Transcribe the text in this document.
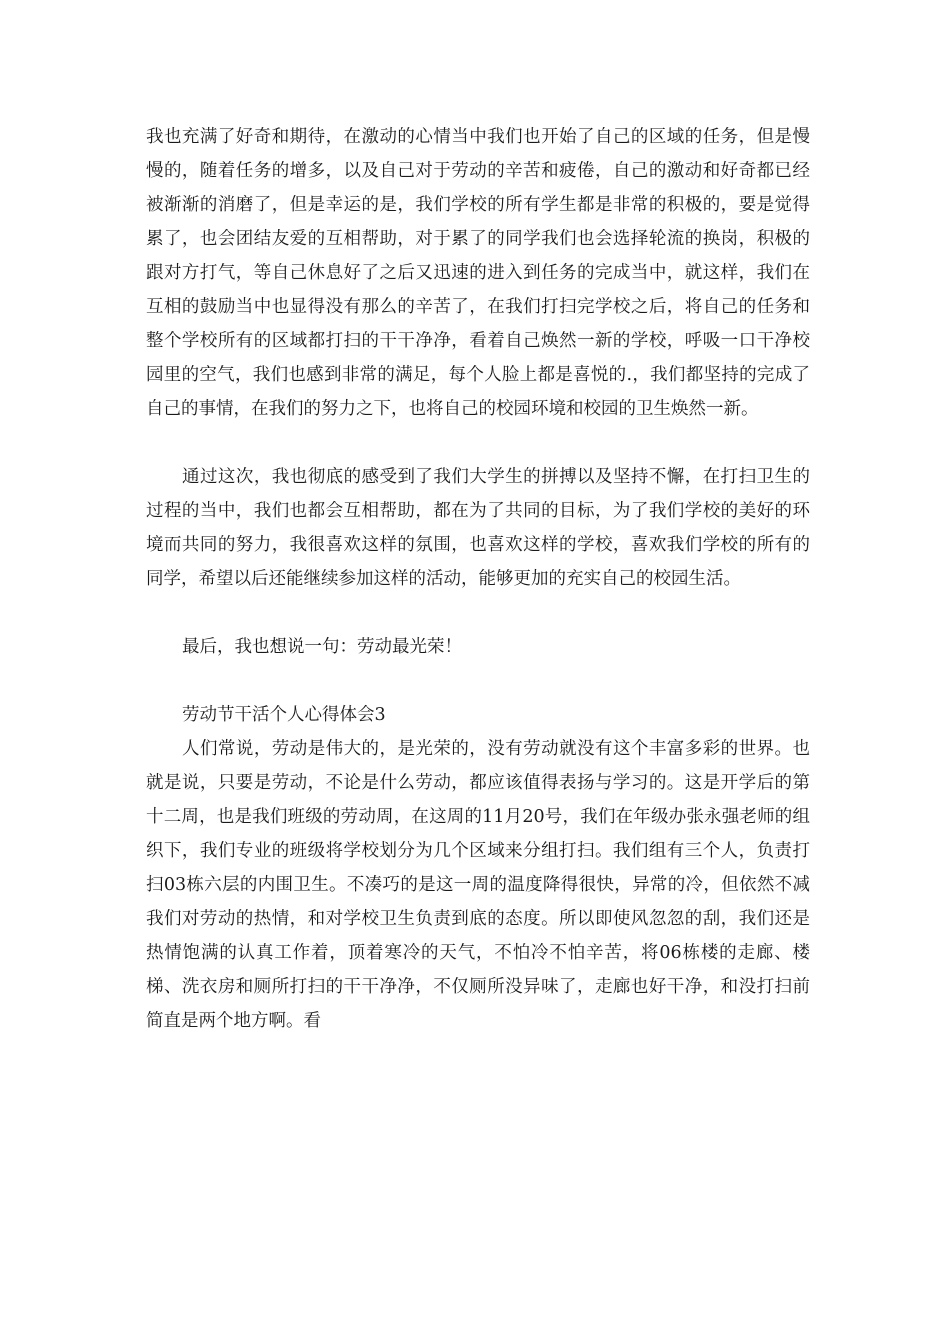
我也充满了好奇和期待，在激动的心情当中我们也开始了自己的区域的任务，但是慢慢的，随着任务的增多，以及自己对于劳动的辛苦和疲倦，自己的激动和好奇都已经被渐渐的消磨了，但是幸运的是，我们学校的所有学生都是非常的积极的，要是觉得累了，也会团结友爱的互相帮助，对于累了的同学我们也会选择轮流的换岗，积极的跟对方打气，等自己休息好了之后又迅速的进入到任务的完成当中，就这样，我们在互相的鼓励当中也显得没有那么的辛苦了，在我们打扫完学校之后，将自己的任务和整个学校所有的区域都打扫的干干净净，看着自己焕然一新的学校，呼吸一口干净校园里的空气，我们也感到非常的满足，每个人脸上都是喜悦的.，我们都坚持的完成了自己的事情，在我们的努力之下，也将自己的校园环境和校园的卫生焕然一新。

通过这次，我也彻底的感受到了我们大学生的拼搏以及坚持不懈，在打扫卫生的过程的当中，我们也都会互相帮助，都在为了共同的目标，为了我们学校的美好的环境而共同的努力，我很喜欢这样的氛围，也喜欢这样的学校，喜欢我们学校的所有的同学，希望以后还能继续参加这样的活动，能够更加的充实自己的校园生活。

最后，我也想说一句：劳动最光荣！

劳动节干活个人心得体会3

人们常说，劳动是伟大的，是光荣的，没有劳动就没有这个丰富多彩的世界。也就是说，只要是劳动，不论是什么劳动，都应该值得表扬与学习的。这是开学后的第十二周，也是我们班级的劳动周，在这周的11月20号，我们在年级办张永强老师的组织下，我们专业的班级将学校划分为几个区域来分组打扫。我们组有三个人，负责打扫03栋六层的内围卫生。不凑巧的是这一周的温度降得很快，异常的冷，但依然不减我们对劳动的热情，和对学校卫生负责到底的态度。所以即使风忽忽的刮，我们还是热情饱满的认真工作着，顶着寒冷的天气，不怕冷不怕辛苦，将06栋楼的走廊、楼梯、洗衣房和厕所打扫的干干净净，不仅厕所没异味了，走廊也好干净，和没打扫前简直是两个地方啊。看
